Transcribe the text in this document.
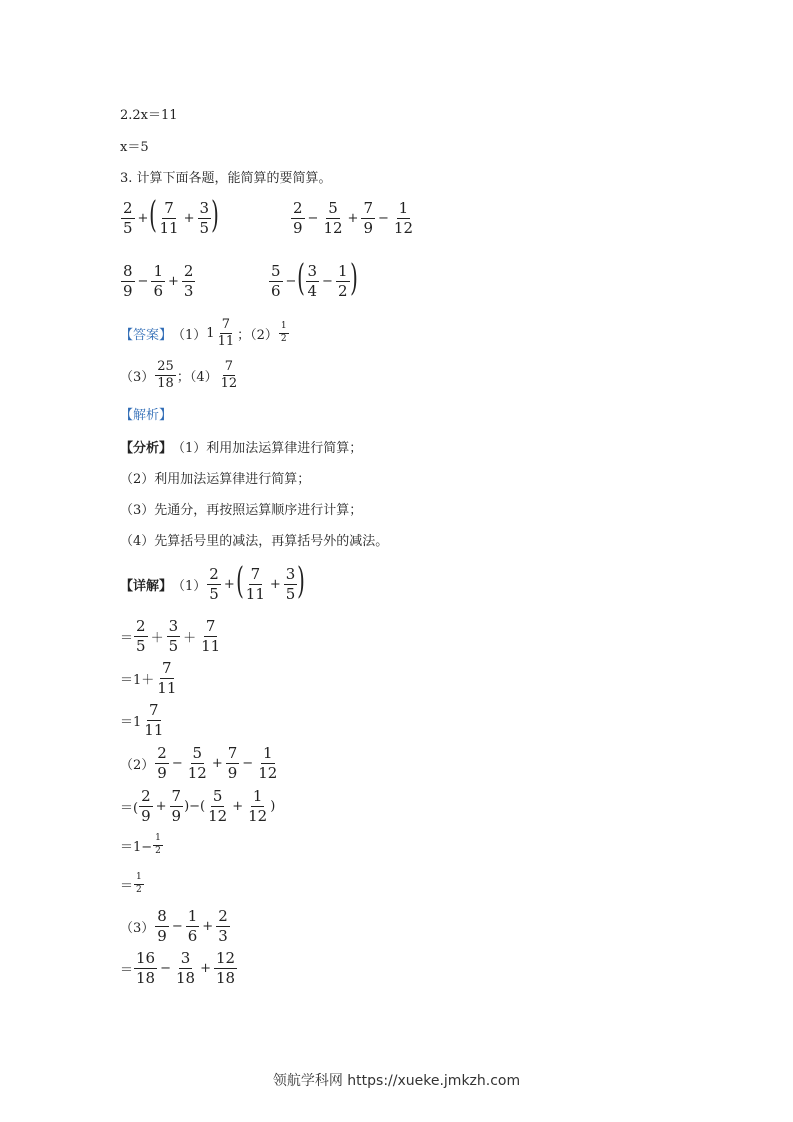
2.2x＝11
x＝5
3. 计算下面各题，能简算的要简算。
$\frac{2}{5}$ + ( $\frac{7}{11} + \frac{3}{5}$ )	$\frac{2}{9} - \frac{5}{12} + \frac{7}{9} - \frac{1}{12}$
$\frac{8}{9} - \frac{1}{6} + \frac{2}{3}$	$\frac{5}{6}$ − ( $\frac{3}{4} - \frac{1}{2}$ )
【答案】 （1） $1 \frac{7}{11}$ ；$(2) \frac{1}{2}$
$(3) \frac{25}{18}$ ；$(4) \frac{7}{12}$
【解析】
【分析】 （1）利用加法运算律进行简算；
（2）利用加法运算律进行简算；
（3）先通分，再按照运算顺序进行计算；
（4）先算括号里的减法，再算括号外的减法。
【详解】 $(1) \frac{2}{5}$ + ( $\frac{7}{11} + \frac{3}{5}$ )
＝ $\frac{2}{5} + \frac{3}{5} + \frac{7}{11}$
$=1+ \frac{7}{11}$
$=1 \frac{7}{11}$
$(2) \frac{2}{9} - \frac{5}{12} + \frac{7}{9} - \frac{1}{12}$
＝( $\frac{2}{9} + \frac{7}{9}$ )−( $\frac{5}{12} + \frac{1}{12}$ )
$=1- \frac{1}{2}$
＝ $\frac{1}{2}$
$(3) \frac{8}{9} - \frac{1}{6} + \frac{2}{3}$
＝ $\frac{16}{18} - \frac{3}{18} + \frac{12}{18}$
领航学科网 https://xueke.jmkzh.com
